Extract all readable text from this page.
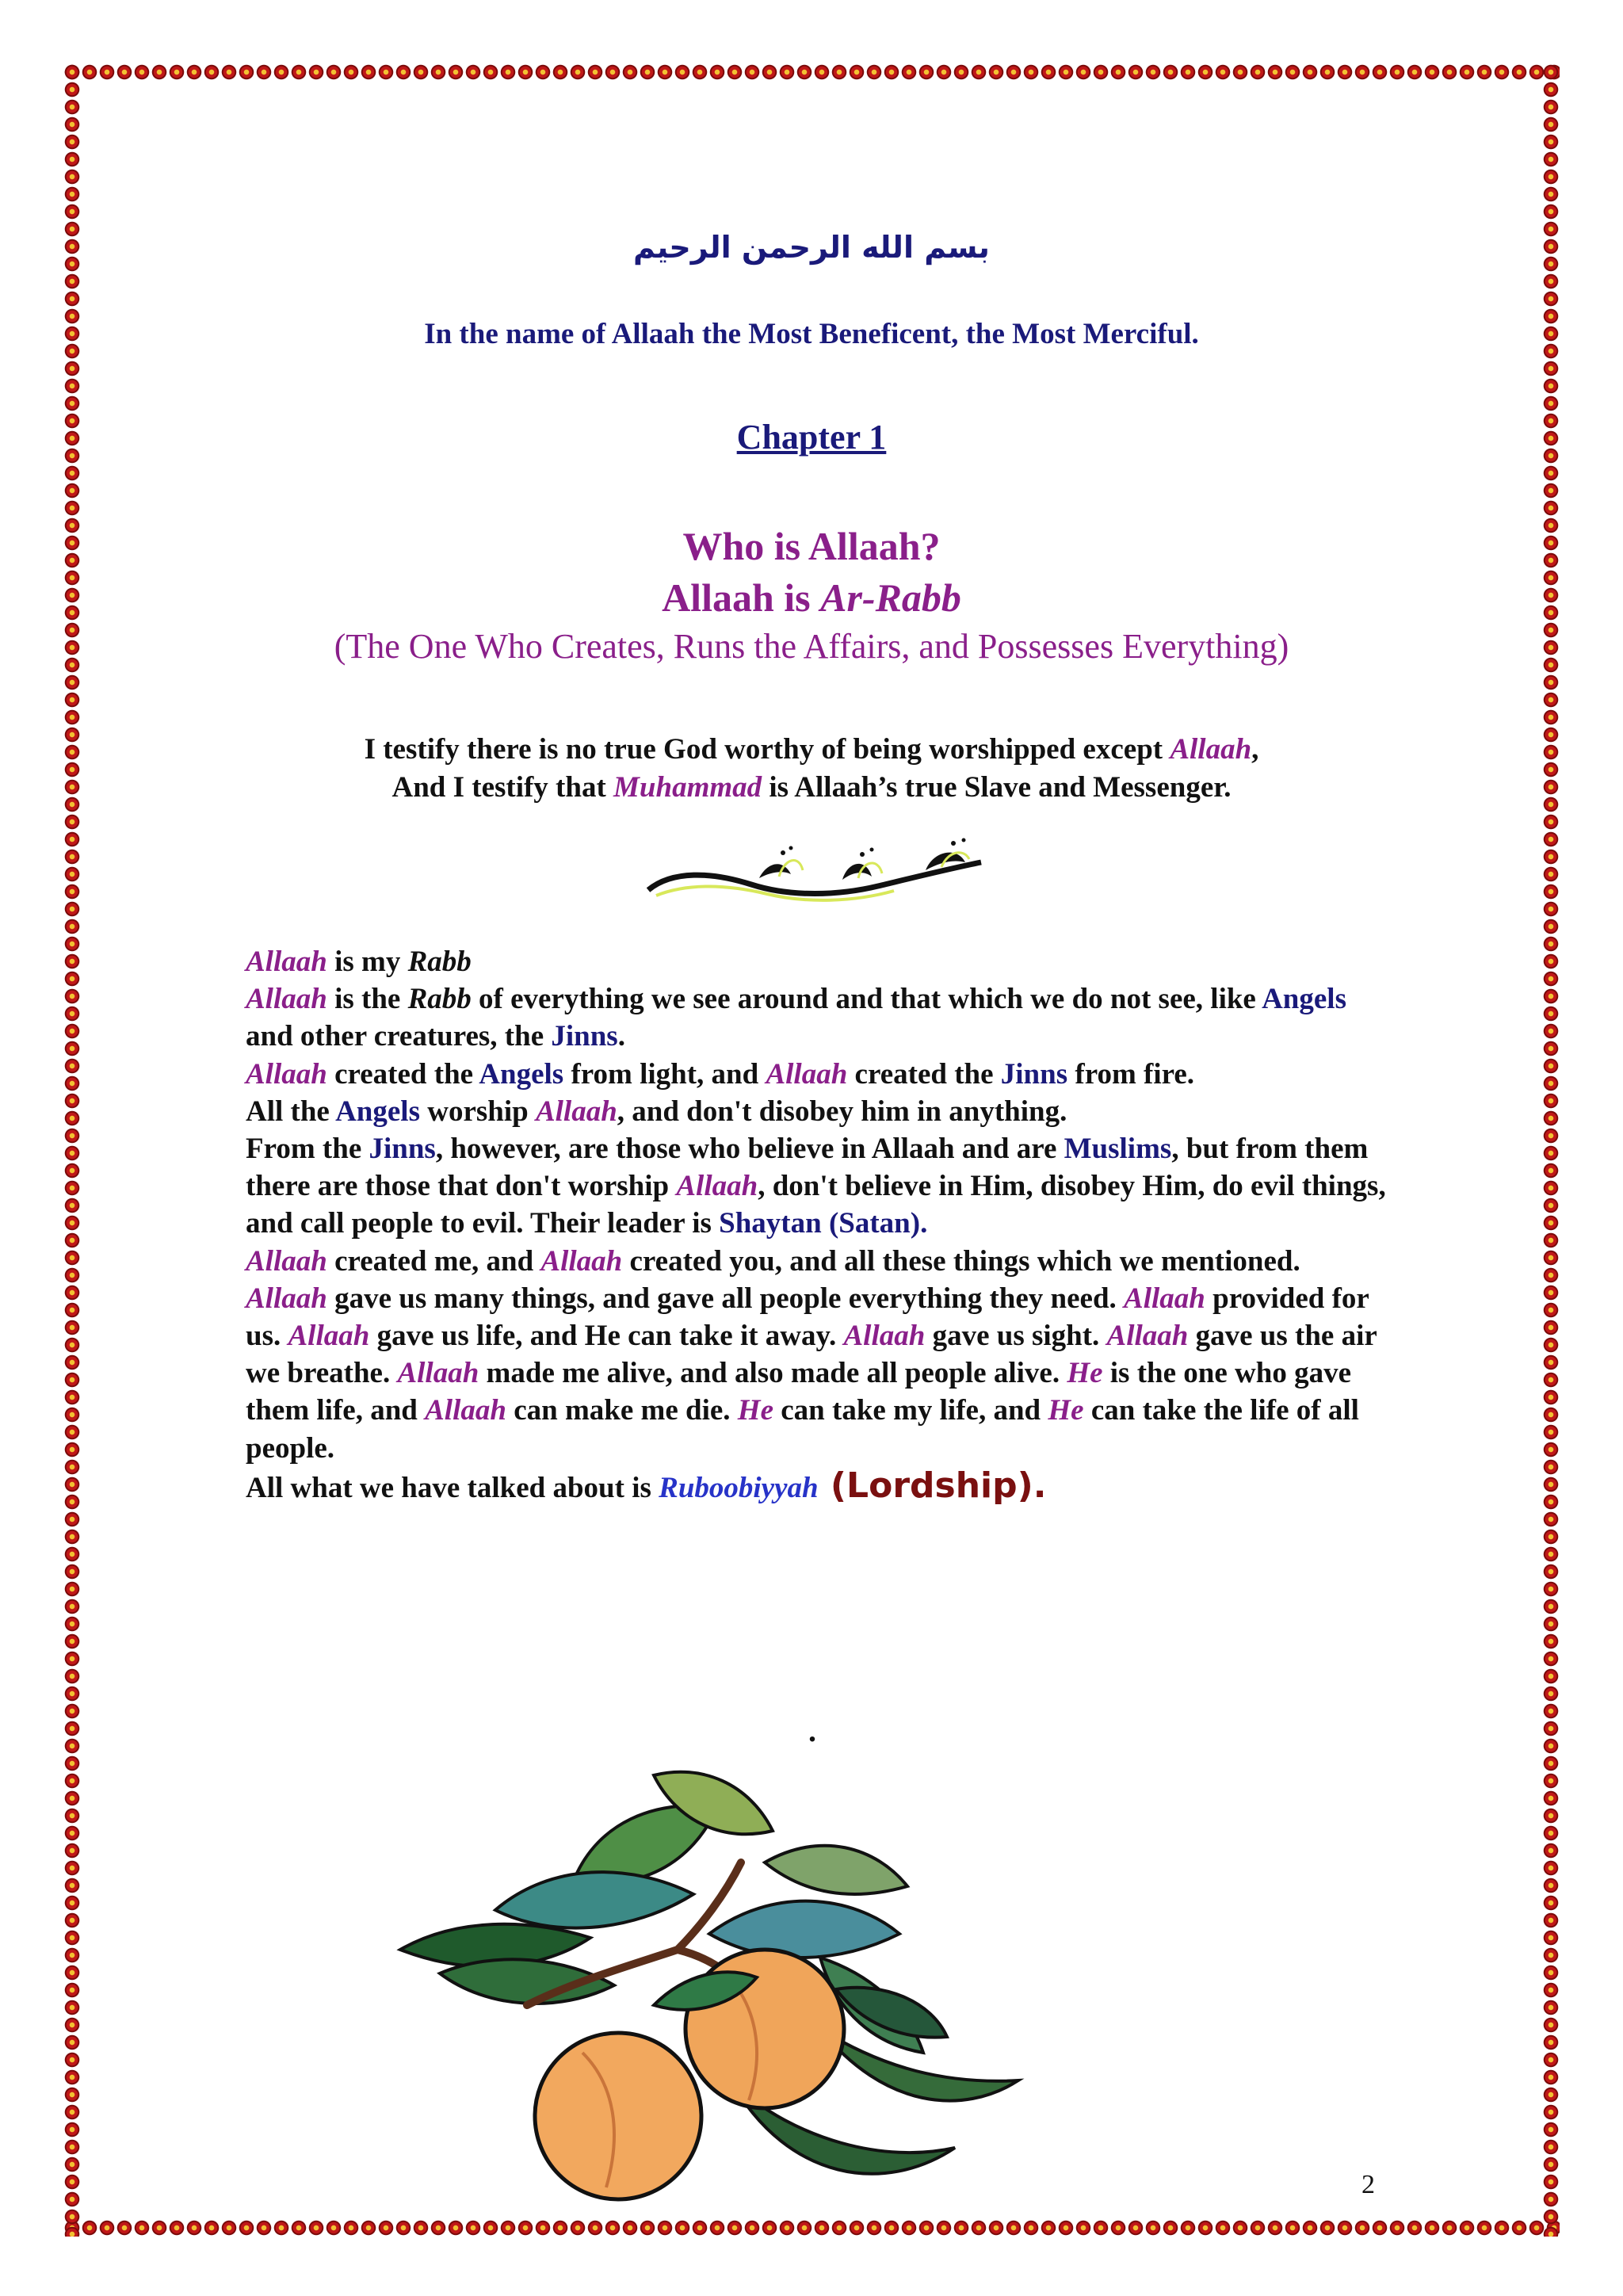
بسم الله الرحمن الرحيم
In the name of Allaah the Most Beneficent, the Most Merciful.
Chapter 1
Who is Allaah?
Allaah is Ar-Rabb
(The One Who Creates, Runs the Affairs, and Possesses Everything)
I testify there is no true God worthy of being worshipped except Allaah,
And I testify that Muhammad is Allaah’s true Slave and Messenger.
Allaah is my Rabb
Allaah is the Rabb of everything we see around and that which we do not see, like Angels and other creatures, the Jinns.
Allaah created the Angels from light, and Allaah created the Jinns from fire.
All the Angels worship Allaah, and don't disobey him in anything.
From the Jinns, however, are those who believe in Allaah and are Muslims, but from them there are those that don't worship Allaah, don't believe in Him, disobey Him, do evil things, and call people to evil. Their leader is Shaytan (Satan).
Allaah created me, and Allaah created you, and all these things which we mentioned.
Allaah gave us many things, and gave all people everything they need. Allaah provided for us. Allaah gave us life, and He can take it away. Allaah gave us sight. Allaah gave us the air we breathe. Allaah made me alive, and also made all people alive. He is the one who gave them life, and Allaah can make me die. He can take my life, and He can take the life of all people.
All what we have talked about is Ruboobiyyah (Lordship).
.
2
